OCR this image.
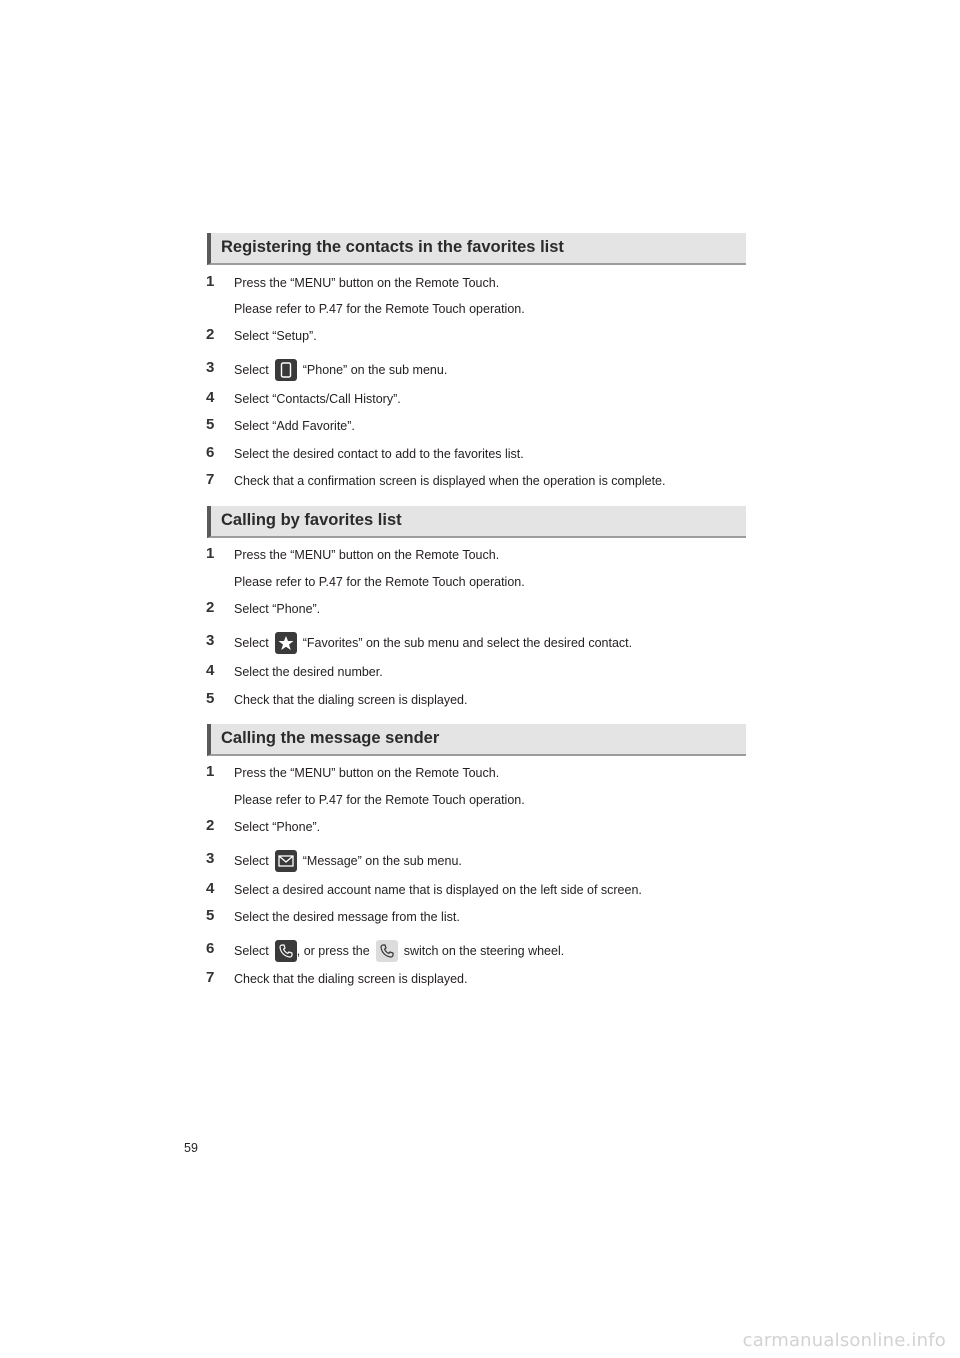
Registering the contacts in the favorites list
1 Press the “MENU” button on the Remote Touch.
Please refer to P.47 for the Remote Touch operation.
2 Select “Setup”.
3 Select	“Phone” on the sub menu.
4 Select “Contacts/Call History”.
5 Select “Add Favorite”.
6 Select the desired contact to add to the favorites list.
7 Check that a confirmation screen is displayed when the operation is complete.
Calling by favorites list
1 Press the “MENU” button on the Remote Touch.
Please refer to P.47 for the Remote Touch operation.
2 Select “Phone”.
3 Select	“Favorites” on the sub menu and select the desired contact.
4 Select the desired number.
5 Check that the dialing screen is displayed.
Calling the message sender
1 Press the “MENU” button on the Remote Touch.
Please refer to P.47 for the Remote Touch operation.
2 Select “Phone”.
3 Select	“Message” on the sub menu.
4 Select a desired account name that is displayed on the left side of screen.
5 Select the desired message from the list.
6 Select , or press the	switch on the steering wheel.
7 Check that the dialing screen is displayed.
59
carmanualsonline.info
